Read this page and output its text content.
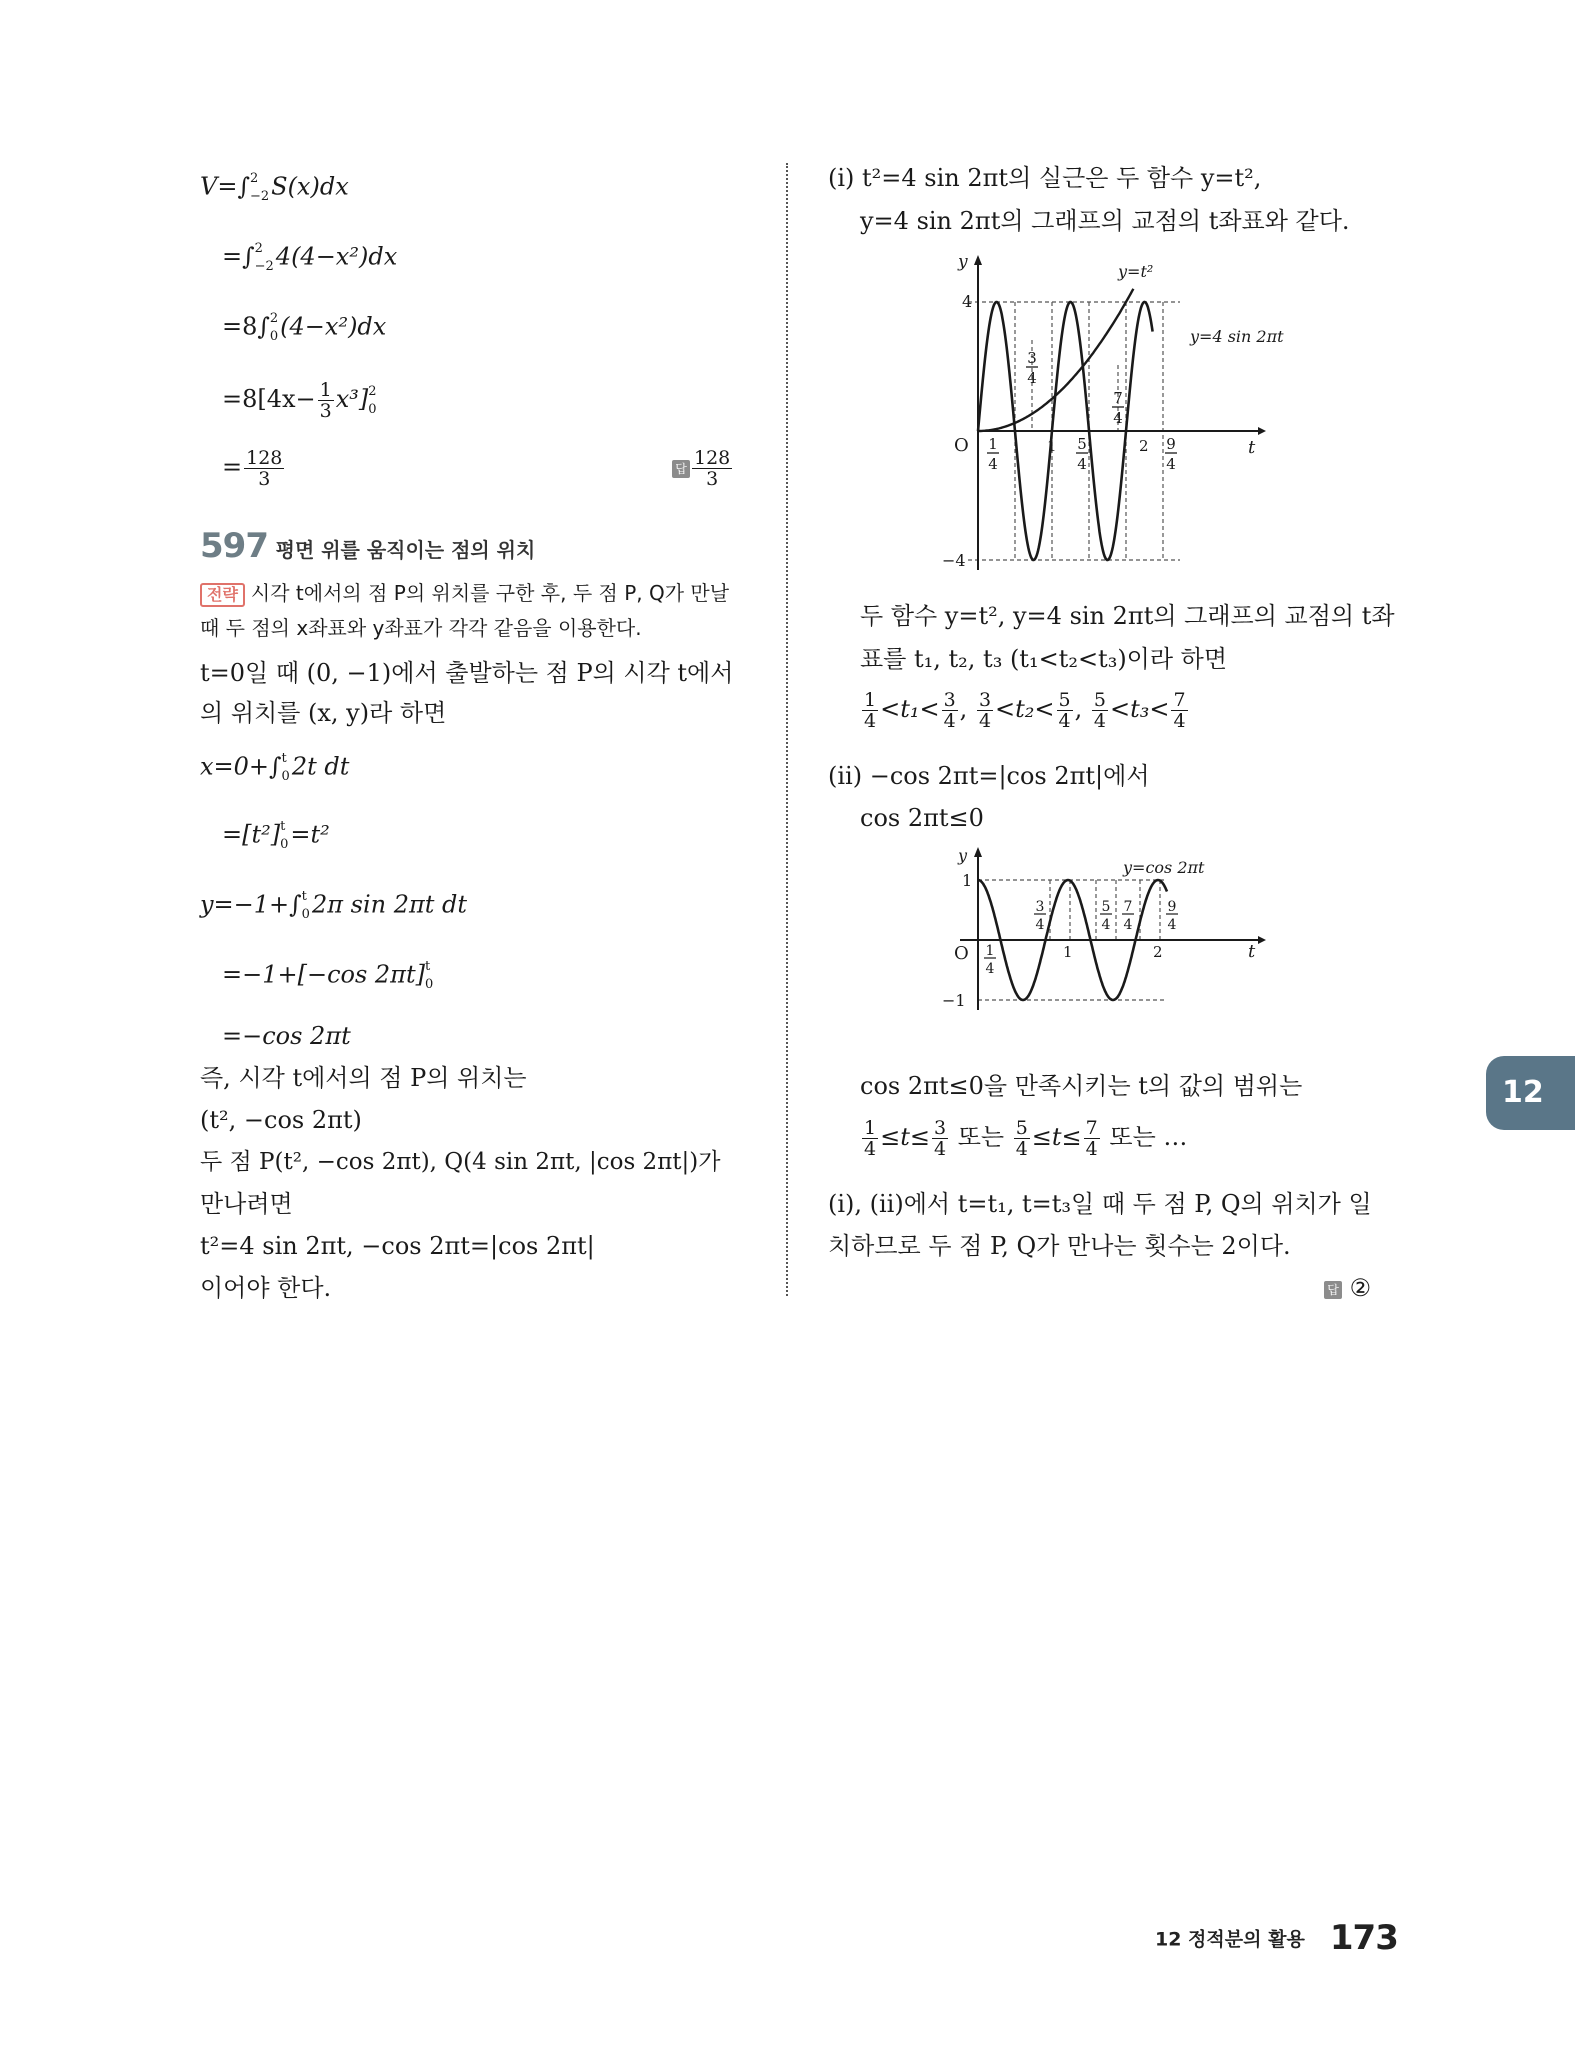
V=∫ 2
−2 S(x)dx
=∫ 2
−2 4(4−x²)dx
=8∫ 2
0 (4−x²)dx
$=8[4x- \frac{1}{3} x^3]$ 2
0
= $\frac{128}{3}$	답 $\frac{128}{3}$
597 평면 위를 움직이는 점의 위치
전략 시각 t에서의 점 P의 위치를 구한 후, 두 점 P, Q가 만날
때 두 점의 x좌표와 y좌표가 각각 같음을 이용한다.
t=0일 때 (0, −1)에서 출발하는 점 P의 시각 t에서
의 위치를 (x, y)라 하면
x=0+∫ t
0 2t dt
=[t²] t
0 =t²
y=−1+∫ t
0 2π sin 2πt dt
=−1+[−cos 2πt] t
0
=−cos 2πt
즉, 시각 t에서의 점 P의 위치는
(t², −cos 2πt)
두 점 P(t², −cos 2πt), Q(4 sin 2πt, |cos 2πt|)가
만나려면
t²=4 sin 2πt, −cos 2πt=|cos 2πt|
이어야 한다.
(ⅰ) t²=4 sin 2πt의 실근은 두 함수 y=t²,
y=4 sin 2πt의 그래프의 교점의 t좌표와 같다.
y
t
O
4
−4
y=t²
y=4 sin 2πt
1	2
1
4
3
4
5
4
7
4
9
4
두 함수 y=t², y=4 sin 2πt의 그래프의 교점의 t좌
표를 t₁, t₂, t₃ (t₁<t₂<t₃)이라 하면
$\frac{1}{4} <t_1< \frac{3}{4}$ , $\frac{3}{4} <t_2< \frac{5}{4}$ , $\frac{5}{4} <t_3< \frac{7}{4}$
(ⅱ) −cos 2πt=|cos 2πt|에서
cos 2πt≤0
y
t
O
1
−1
y=cos 2πt
1	2
1
4
3
4
5
4
7
4
9
4
cos 2πt≤0을 만족시키는 t의 값의 범위는
$\frac{1}{4} \le t\le \frac{3}{4}$ 또는 $\frac{5}{4} \le t\le \frac{7}{4}$ 또는 …
(ⅰ), (ⅱ)에서 t=t₁, t=t₃일 때 두 점 P, Q의 위치가 일
치하므로 두 점 P, Q가 만나는 횟수는 2이다.
답 ②
12
12 정적분의 활용 173
